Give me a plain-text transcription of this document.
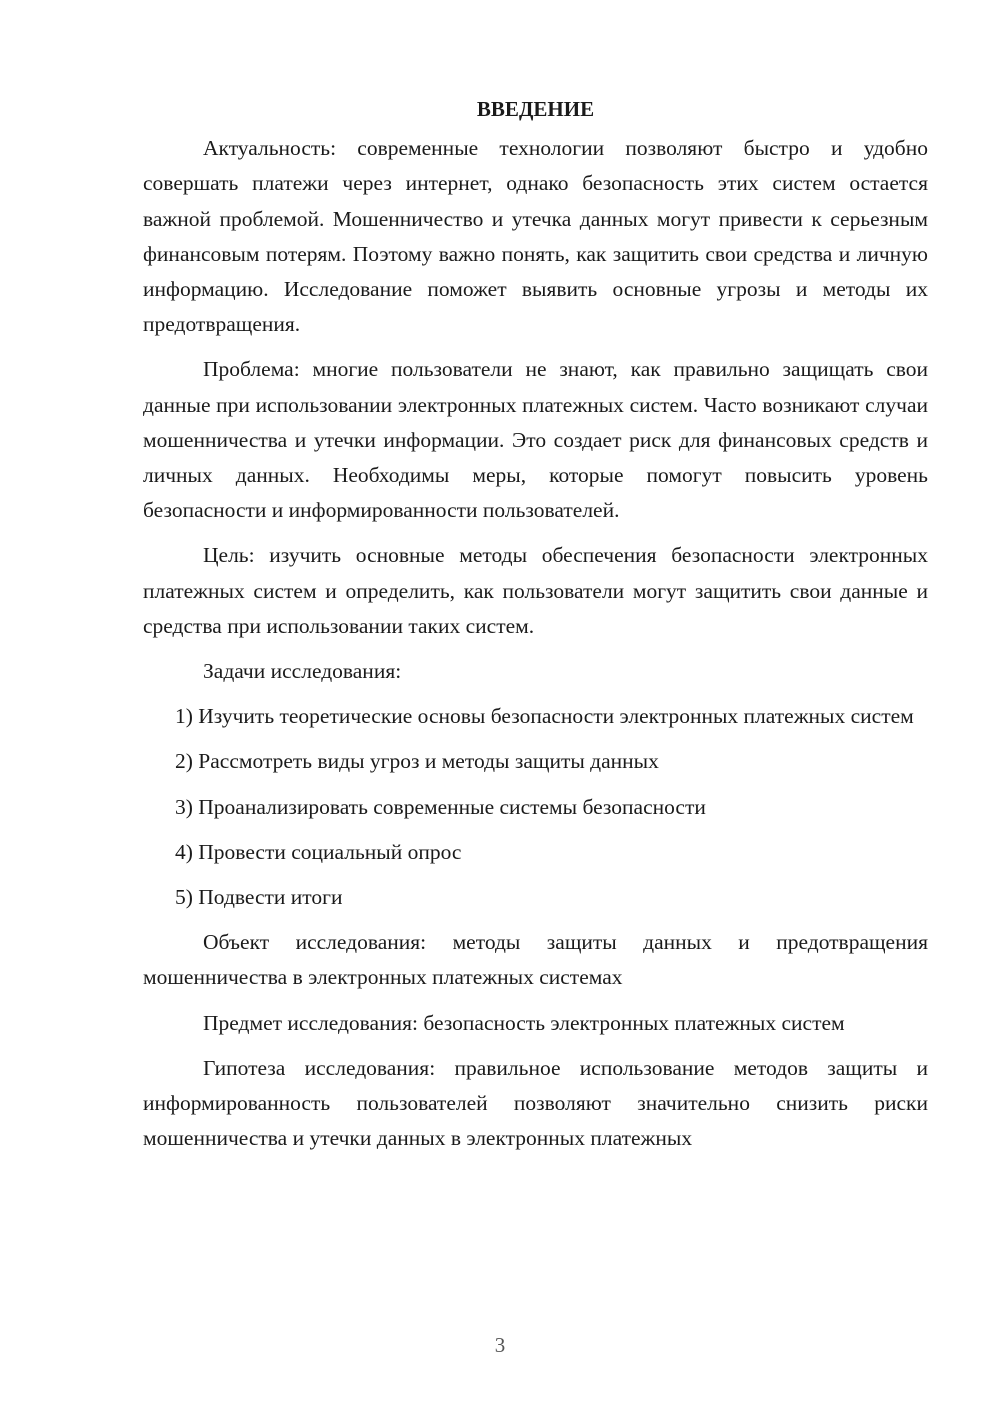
ВВЕДЕНИЕ

Актуальность: современные технологии позволяют быстро и удобно совершать платежи через интернет, однако безопасность этих систем остается важной проблемой. Мошенничество и утечка данных могут привести к серьезным финансовым потерям. Поэтому важно понять, как защитить свои средства и личную информацию. Исследование поможет выявить основные угрозы и методы их предотвращения.

Проблема: многие пользователи не знают, как правильно защищать свои данные при использовании электронных платежных систем. Часто возникают случаи мошенничества и утечки информации. Это создает риск для финансовых средств и личных данных. Необходимы меры, которые помогут повысить уровень безопасности и информированности пользователей.

Цель: изучить основные методы обеспечения безопасности электронных платежных систем и определить, как пользователи могут защитить свои данные и средства при использовании таких систем.

Задачи исследования:

1) Изучить теоретические основы безопасности электронных платежных систем

2) Рассмотреть виды угроз и методы защиты данных

3) Проанализировать современные системы безопасности

4) Провести социальный опрос

5) Подвести итоги

Объект исследования: методы защиты данных и предотвращения мошенничества в электронных платежных системах

Предмет исследования: безопасность электронных платежных систем

Гипотеза исследования: правильное использование методов защиты и информированность пользователей позволяют значительно снизить риски мошенничества и утечки данных в электронных платежных

3
